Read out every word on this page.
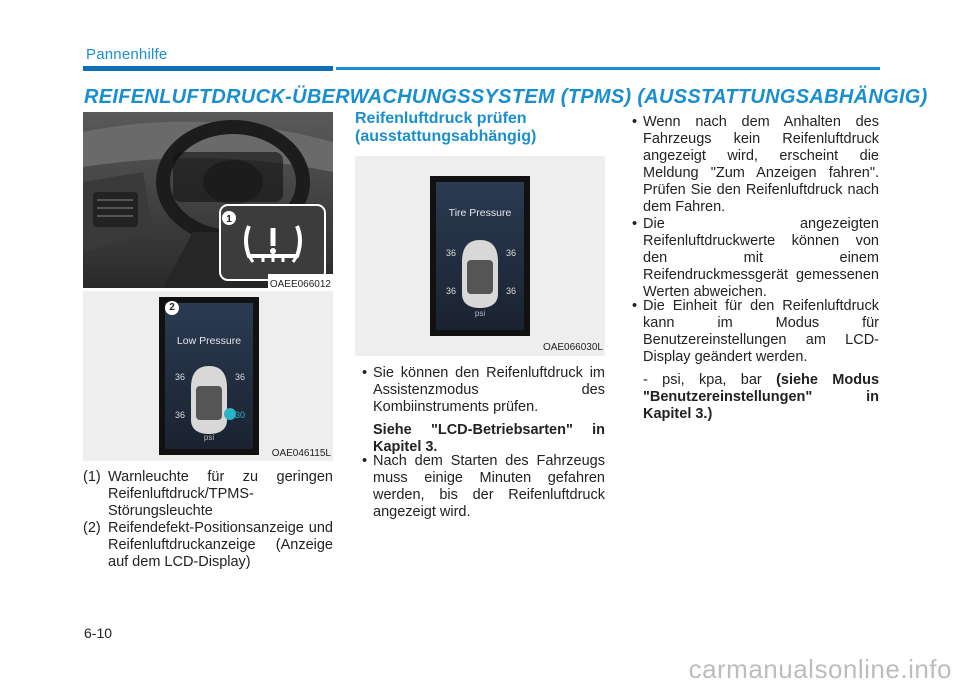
Pannenhilfe
REIFENLUFTDRUCK-ÜBERWACHUNGSSYSTEM (TPMS) (AUSSTATTUNGSABHÄNGIG)
1
OAEE066012
Low Pressure
36	36
36	30
psi
2
OAE046115L
(1) Warnleuchte für zu geringen Reifenluftdruck/TPMS-Störungsleuchte
(2) Reifendefekt-Positionsanzeige und Reifenluftdruckanzeige (Anzeige auf dem LCD-Display)
Reifenluftdruck prüfen
(ausstattungsabhängig)
Tire Pressure
36	36
36	36
psi
OAE066030L
• Sie können den Reifenluftdruck im Assistenzmodus des Kombiinstruments prüfen.
Siehe "LCD-Betriebsarten" in Kapitel 3.
• Nach dem Starten des Fahrzeugs muss einige Minuten gefahren werden, bis der Reifenluftdruck angezeigt wird.
• Wenn nach dem Anhalten des Fahrzeugs kein Reifenluftdruck angezeigt wird, erscheint die Meldung "Zum Anzeigen fahren". Prüfen Sie den Reifenluftdruck nach dem Fahren.
• Die angezeigten Reifenluftdruckwerte können von den mit einem Reifendruckmessgerät gemessenen Werten abweichen.
• Die Einheit für den Reifenluftdruck kann im Modus für Benutzereinstellungen am LCD-Display geändert werden.
- psi, kpa, bar (siehe Modus "Benutzereinstellungen" in Kapitel 3.)
6-10
carmanualsonline.info
